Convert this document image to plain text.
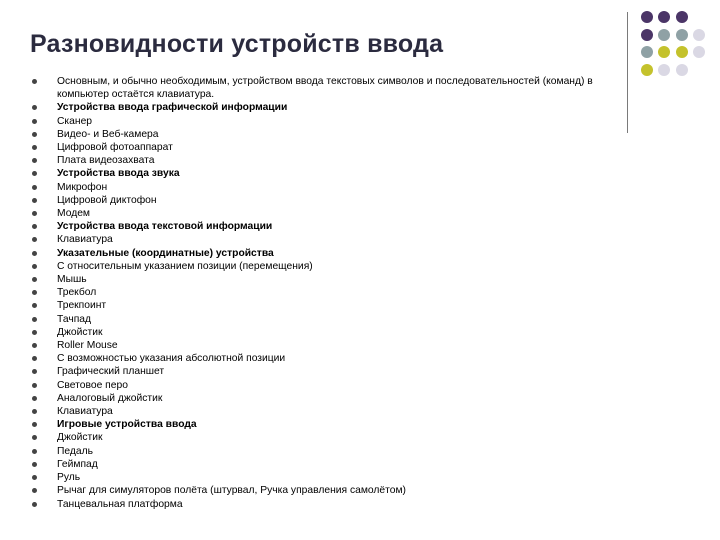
Разновидности устройств ввода
Основным, и обычно необходимым, устройством ввода текстовых символов и последовательностей (команд) в компьютер остаётся клавиатура.
Устройства ввода графической информации
Сканер
Видео- и Веб-камера
Цифровой фотоаппарат
Плата видеозахвата
Устройства ввода звука
Микрофон
Цифровой диктофон
Модем
Устройства ввода текстовой информации
Клавиатура
Указательные (координатные) устройства
С относительным указанием позиции (перемещения)
Мышь
Трекбол
Трекпоинт
Тачпад
Джойстик
Roller Mouse
С возможностью указания абсолютной позиции
Графический планшет
Световое перо
Аналоговый джойстик
Клавиатура
Игровые устройства ввода
Джойстик
Педаль
Геймпад
Руль
Рычаг для симуляторов полёта (штурвал, Ручка управления самолётом)
Танцевальная платформа
